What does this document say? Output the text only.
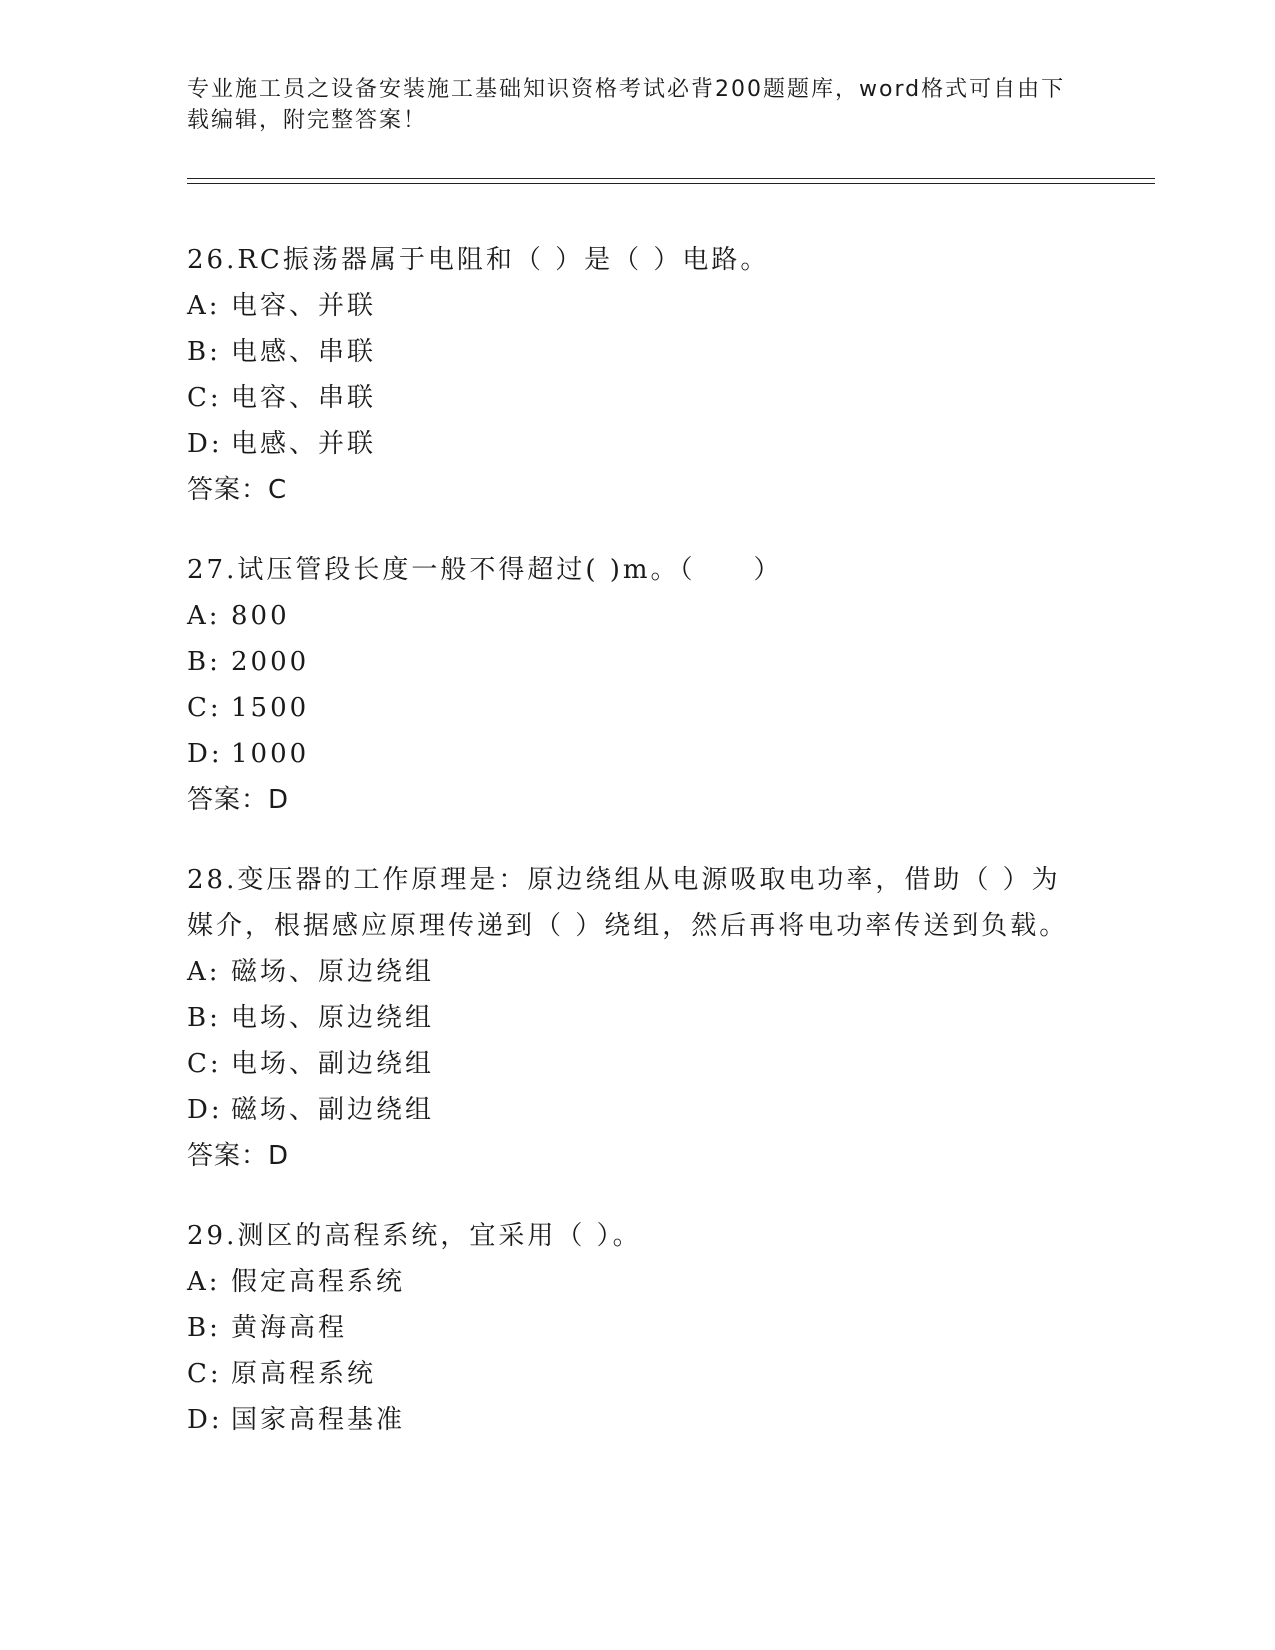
专业施工员之设备安装施工基础知识资格考试必背200题题库，word格式可自由下载编辑，附完整答案！
26.RC振荡器属于电阻和（ ）是（ ）电路。
A: 电容、并联
B: 电感、串联
C: 电容、串联
D: 电感、并联
答案：C
27.试压管段长度一般不得超过( )m。（　　）
A: 800
B: 2000
C: 1500
D: 1000
答案：D
28.变压器的工作原理是：原边绕组从电源吸取电功率，借助（ ）为媒介，根据感应原理传递到（ ）绕组，然后再将电功率传送到负载。
A: 磁场、原边绕组
B: 电场、原边绕组
C: 电场、副边绕组
D: 磁场、副边绕组
答案：D
29.测区的高程系统，宜采用（ ）。
A: 假定高程系统
B: 黄海高程
C: 原高程系统
D: 国家高程基准
